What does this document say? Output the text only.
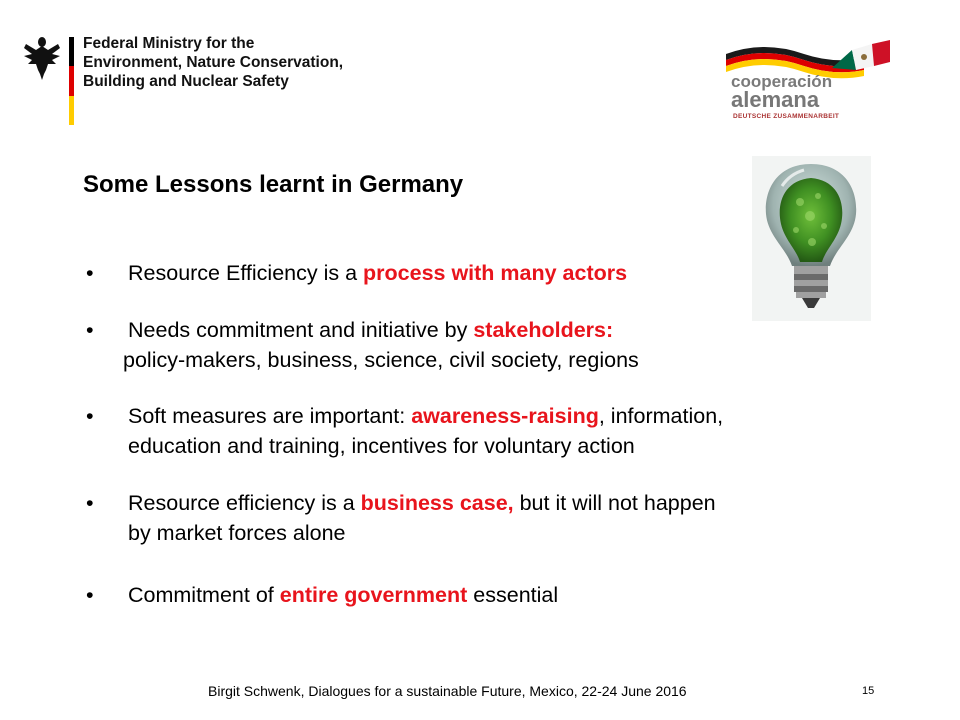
Federal Ministry for the
Environment, Nature Conservation,
Building and Nuclear Safety	cooperación
alemana
DEUTSCHE ZUSAMMENARBEIT
Some Lessons learnt in Germany
• Resource Efficiency is a process with many actors
• Needs commitment and initiative by stakeholders:
policy-makers, business, science, civil society, regions
• Soft measures are important: awareness-raising, information,
education and training, incentives for voluntary action
• Resource efficiency is a business case, but it will not happen
by market forces alone
• Commitment of entire government essential
Birgit Schwenk, Dialogues for a sustainable Future, Mexico, 22-24 June 2016	15
